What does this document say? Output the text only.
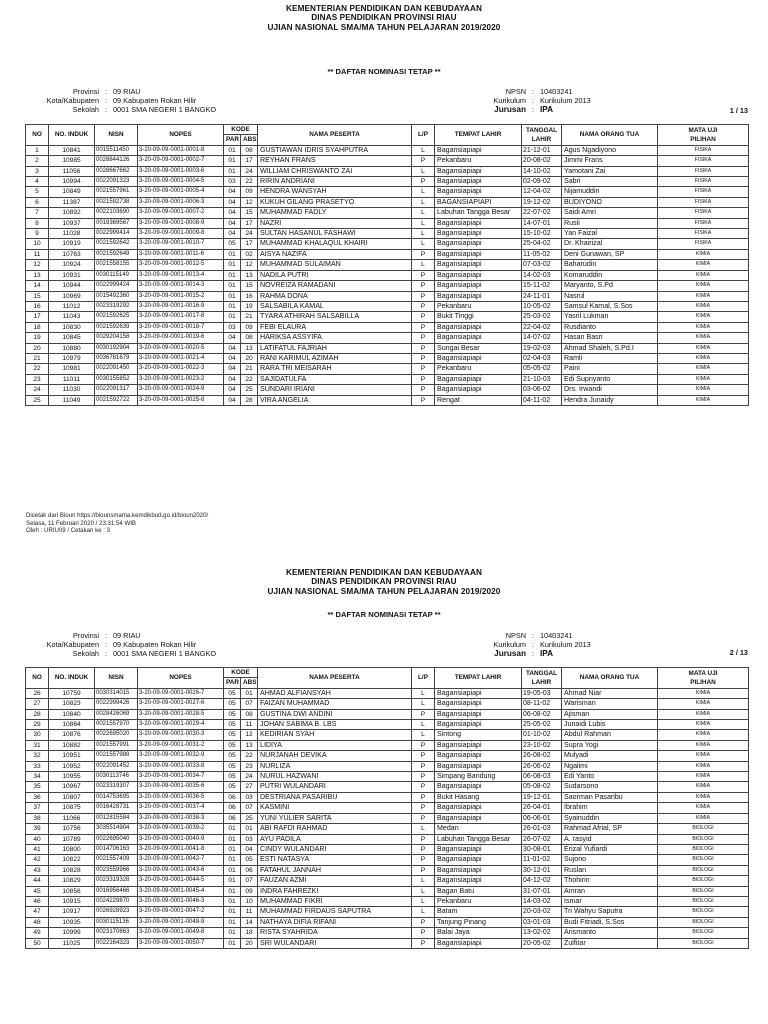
KEMENTERIAN PENDIDIKAN DAN KEBUDAYAAN
DINAS PENDIDIKAN PROVINSI RIAU
UJIAN NASIONAL SMA/MA TAHUN PELAJARAN 2019/2020
** DAFTAR NOMINASI TETAP **
Provinsi : 09 RIAU
Kota/Kabupaten : 09 Kabupaten Rokan Hilir
Sekolah : 0001 SMA NEGERI 1 BANGKO
NPSN : 10403241
Kurikulum : Kurikulum 2013
Jurusan : IPA	1 / 13
NO	NO. INDUK	NISN	NOPES	KODE		NAMA PESERTA	L/P	TEMPAT LAHIR	TANGGAL
LAHIR	NAMA ORANG TUA	MATA UJI
PILIHAN

				PAR	ABS						
1	10841	0015511450	3-20-09-09-0001-0001-8	01	08	GUSTIAWAN IDRIS SYAHPUTRA	L	Bagansiapiapi	21-12-01	Agus Ngadiyono	FISIKA
2	10985	0028844126	3-20-09-09-0001-0002-7	01	17	REYHAN FRANS	P	Pekanbaru	20-08-02	Jimmi Frans	FISIKA
3	11056	0028667662	3-20-09-09-0001-0003-6	01	24	WILLIAM CHRISWANTO ZAI	L	Bagansiapiapi	14-10-02	Yamotani Zai	FISIKA
4	10994	0022091323	3-20-09-09-0001-0004-5	03	22	RIRIN ANDRIANI	P	Bagansiapiapi	02-09-02	Sabri	FISIKA
5	10849	0021557961	3-20-09-09-0001-0005-4	04	09	HENDRA WANSYAH	L	Bagansiapiapi	12-04-02	Nijamuddin	FISIKA
6	11387	0021592738	3-20-09-09-0001-0006-3	04	12	KUKUH GILANG PRASETYO	L	BAGANSIAPIAPI	19-12-02	BUDIYONO	FISIKA
7	10892	0022103690	3-20-09-09-0001-0007-2	04	15	MUHAMMAD FADLY	L	Labuhan Tangga Besar	22-07-02	Saidi Amri	FISIKA
8	10937	0019369567	3-20-09-09-0001-0008-9	04	17	NAZRI	L	Bagansiapiapi	14-07-01	Rusli	FISIKA
9	11028	0022999414	3-20-09-09-0001-0009-8	04	24	SULTAN HASANUL FASHAWI	L	Bagansiapiapi	15-10-02	Yan Faizal	FISIKA
10	10919	0021592642	3-20-09-09-0001-0010-7	05	17	MUHAMMAD KHALAQUL KHAIRI	L	Bagansiapiapi	25-04-02	Dr. Khairizal	FISIKA
11	10763	0021592649	3-20-09-09-0001-0011-6	01	02	AISYA NAZIFA	P	Bagansiapiapi	11-05-02	Deni Gunawan, SP	KIMIA
12	10924	0021558155	3-20-09-09-0001-0012-5	01	12	MUHAMMAD SULAIMAN	L	Bagansiapiapi	07-03-02	Baharudin	KIMIA
13	10931	0030115149	3-20-09-09-0001-0013-4	01	13	NADILA PUTRI	P	Bagansiapiapi	14-02-03	Komaruddin	KIMIA
14	10944	0022999424	3-20-09-09-0001-0014-3	01	15	NOVREIZA RAMADANI	P	Bagansiapiapi	15-11-02	Maryanto, S.Pd	KIMIA
15	10969	0015492360	3-20-09-09-0001-0015-2	01	16	RAHMA DONA	P	Bagansiapiapi	24-11-01	Nasrul	KIMIA
16	11012	0023319292	3-20-09-09-0001-0016-9	01	19	SALSABILA KAMAL	P	Pekanbaru	10-05-02	Samsul Kamal, S.Sos	KIMIA
17	11043	0021592625	3-20-09-09-0001-0017-8	01	21	TYARA ATHIRAH SALSABILLA	P	Bukit Tinggi	25-03-02	Yasril Lukman	KIMIA
18	10830	0021592639	3-20-09-09-0001-0018-7	03	09	FEBI ELAURA	P	Bagansiapiapi	22-04-02	Rusdianto	KIMIA
19	10845	0029204158	3-20-09-09-0001-0019-6	04	08	HARIKSA ASSYIFA	P	Bagansiapiapi	14-07-02	Hasan Basri	KIMIA
20	10880	0030192904	3-20-09-09-0001-0020-5	04	13	LATIFATUL FAJRIAH	P	Sungai Besar	19-02-03	Ahmad Shaleh, S.Pd.I	KIMIA
21	10979	0036781679	3-20-09-09-0001-0021-4	04	20	RANI KARIMUL AZIMAH	P	Bagansiapiapi	02-04-03	Ramli	KIMIA
22	10981	0022091450	3-20-09-09-0001-0022-3	04	21	RARA TRI MEISARAH	P	Pekanbaru	05-05-02	Paini	KIMIA
23	11011	0030155852	3-20-09-09-0001-0023-2	04	22	SAJIDATULFA	P	Bagansiapiapi	21-10-03	Edi Supriyanto	KIMIA
24	11030	0022091317	3-20-09-09-0001-0024-9	04	25	SUNDARI IRIANI	P	Bagansiapiapi	03-06-02	Drs. Irwandi	KIMIA
25	11049	0021592722	3-20-09-09-0001-0025-8	04	28	VIRA ANGELIA	P	Rengat	04-11-02	Hendra Junaidy	KIMIA
Dicetak dari Bioun https://biounsmama.kemdikbud.go.id/bioun2020/
Selasa, 11 Februari 2020 / 23:31:54 WIB
Oleh : URIU09 / Cetakan ke : 3
KEMENTERIAN PENDIDIKAN DAN KEBUDAYAAN
DINAS PENDIDIKAN PROVINSI RIAU
UJIAN NASIONAL SMA/MA TAHUN PELAJARAN 2019/2020
** DAFTAR NOMINASI TETAP **
Provinsi : 09 RIAU
Kota/Kabupaten : 09 Kabupaten Rokan Hilir
Sekolah : 0001 SMA NEGERI 1 BANGKO
NPSN : 10403241
Kurikulum : Kurikulum 2013
Jurusan : IPA	2 / 13
NO	NO. INDUK	NISN	NOPES	KODE		NAMA PESERTA	L/P	TEMPAT LAHIR	TANGGAL
LAHIR	NAMA ORANG TUA	MATA UJI
PILIHAN

				PAR	ABS						
26	10759	0030314015	3-20-09-09-0001-0026-7	05	01	AHMAD ALFIANSYAH	L	Bagansiapiapi	19-05-03	Ahmad Niar	KIMIA
27	10823	0022999426	3-20-09-09-0001-0027-6	05	07	FAIZAN MUHAMMAD	L	Bagansiapiapi	08-11-02	Warisman	KIMIA
28	10840	0028426069	3-20-09-09-0001-0028-5	05	08	GUSTINA DWI ANDINI	P	Bagansiapiapi	06-08-02	Ajisman	KIMIA
29	10864	0021557970	3-20-09-09-0001-0029-4	05	11	JOHAN SABIMA B. LBS	L	Bagansiapiapi	25-05-02	Junaidi Lubis	KIMIA
30	10876	0022695020	3-20-09-09-0001-0030-3	05	12	KEDIRIAN SYAH	L	Sintong	01-10-02	Abdul Rahman	KIMIA
31	10882	0021557991	3-20-09-09-0001-0031-2	05	13	LIDIYA	P	Bagansiapiapi	23-10-02	Supra Yogi	KIMIA
32	10951	0021557988	3-20-09-09-0001-0032-9	05	22	NURJANAH DEVIKA	P	Bagansiapiapi	26-08-02	Mulyadi	KIMIA
33	10952	0022091452	3-20-09-09-0001-0033-8	05	23	NURLIZA	P	Bagansiapiapi	26-06-02	Ngalimi	KIMIA
34	10955	0030113746	3-20-09-09-0001-0034-7	05	24	NURUL HAZWANI	P	Simpang Bandung	06-08-03	Edi Yanto	KIMIA
35	10967	0023319307	3-20-09-09-0001-0035-6	05	27	PUTRI WULANDARI	P	Bagansiapiapi	05-08-02	Sudarsono	KIMIA
36	10807	0014753695	3-20-09-09-0001-0036-5	06	03	DESTRIANA PASARIBU	P	Bukit Hasang	19-12-01	Saorman Pasaribu	KIMIA
37	10875	0016428731	3-20-09-09-0001-0037-4	06	07	KASMINI	P	Bagansiapiapi	26-04-01	Ibrahim	KIMIA
38	11066	0012815584	3-20-09-09-0001-0038-3	06	25	YUNI YULIER SARITA	P	Bagansiapiapi	06-06-01	Syainuddin	KIMIA
39	10756	3035514904	3-20-09-09-0001-0039-2	01	01	ABI RAFDI RAHMAD	L	Medan	26-01-03	Rahmad Afrial, SP	BIOLOGI
40	10789	0022695040	3-20-09-09-0001-0040-9	01	03	AYU PADILA	P	Labuhan Tangga Besar	26-07-02	A. rasyid	BIOLOGI
41	10800	0014706163	3-20-09-09-0001-0041-8	01	04	CINDY WULANDARI	P	Bagansiapiapi	30-08-01	Erizal Yufiardi	BIOLOGI
42	10822	0021557409	3-20-09-09-0001-0042-7	01	05	ESTI NATASYA	P	Bagansiapiapi	11-01-02	Sujono	BIOLOGI
43	10828	0023559966	3-20-09-09-0001-0043-6	01	06	FATAHUL JANNAH	P	Bagansiapiapi	30-12-01	Ruslan	BIOLOGI
44	10829	0023319328	3-20-09-09-0001-0044-5	01	07	FAUZAN AZMI	L	Bagansiapiapi	04-12-02	Thohirin	BIOLOGI
45	10856	0016956466	3-20-09-09-0001-0045-4	01	09	INDRA FAHREZKI	L	Bagan Batu	31-07-01	Amran	BIOLOGI
46	10915	0024229870	3-20-09-09-0001-0046-3	01	10	MUHAMMAD FIKRI	L	Pekanbaru	14-03-02	Ismar	BIOLOGI
47	10917	0026928923	3-20-09-09-0001-0047-2	01	11	MUHAMMAD FIRDAUS SAPUTRA	L	Batam	20-03-02	Tri Wahyu Saputra	BIOLOGI
48	10935	0030115136	3-20-09-09-0001-0048-9	01	14	NATHAYA DIFIA RIFANI	P	Tanjung Pinang	03-01-03	Budi Fitriadi, S.Sos	BIOLOGI
49	10999	0023170863	3-20-09-09-0001-0049-8	01	18	RISTA SYAHRIDA	P	Balai Jaya	13-02-02	Arismanto	BIOLOGI
50	11025	0022164323	3-20-09-09-0001-0050-7	01	20	SRI WULANDARI	P	Bagansiapiapi	20-05-02	Zulfitar	BIOLOGI
